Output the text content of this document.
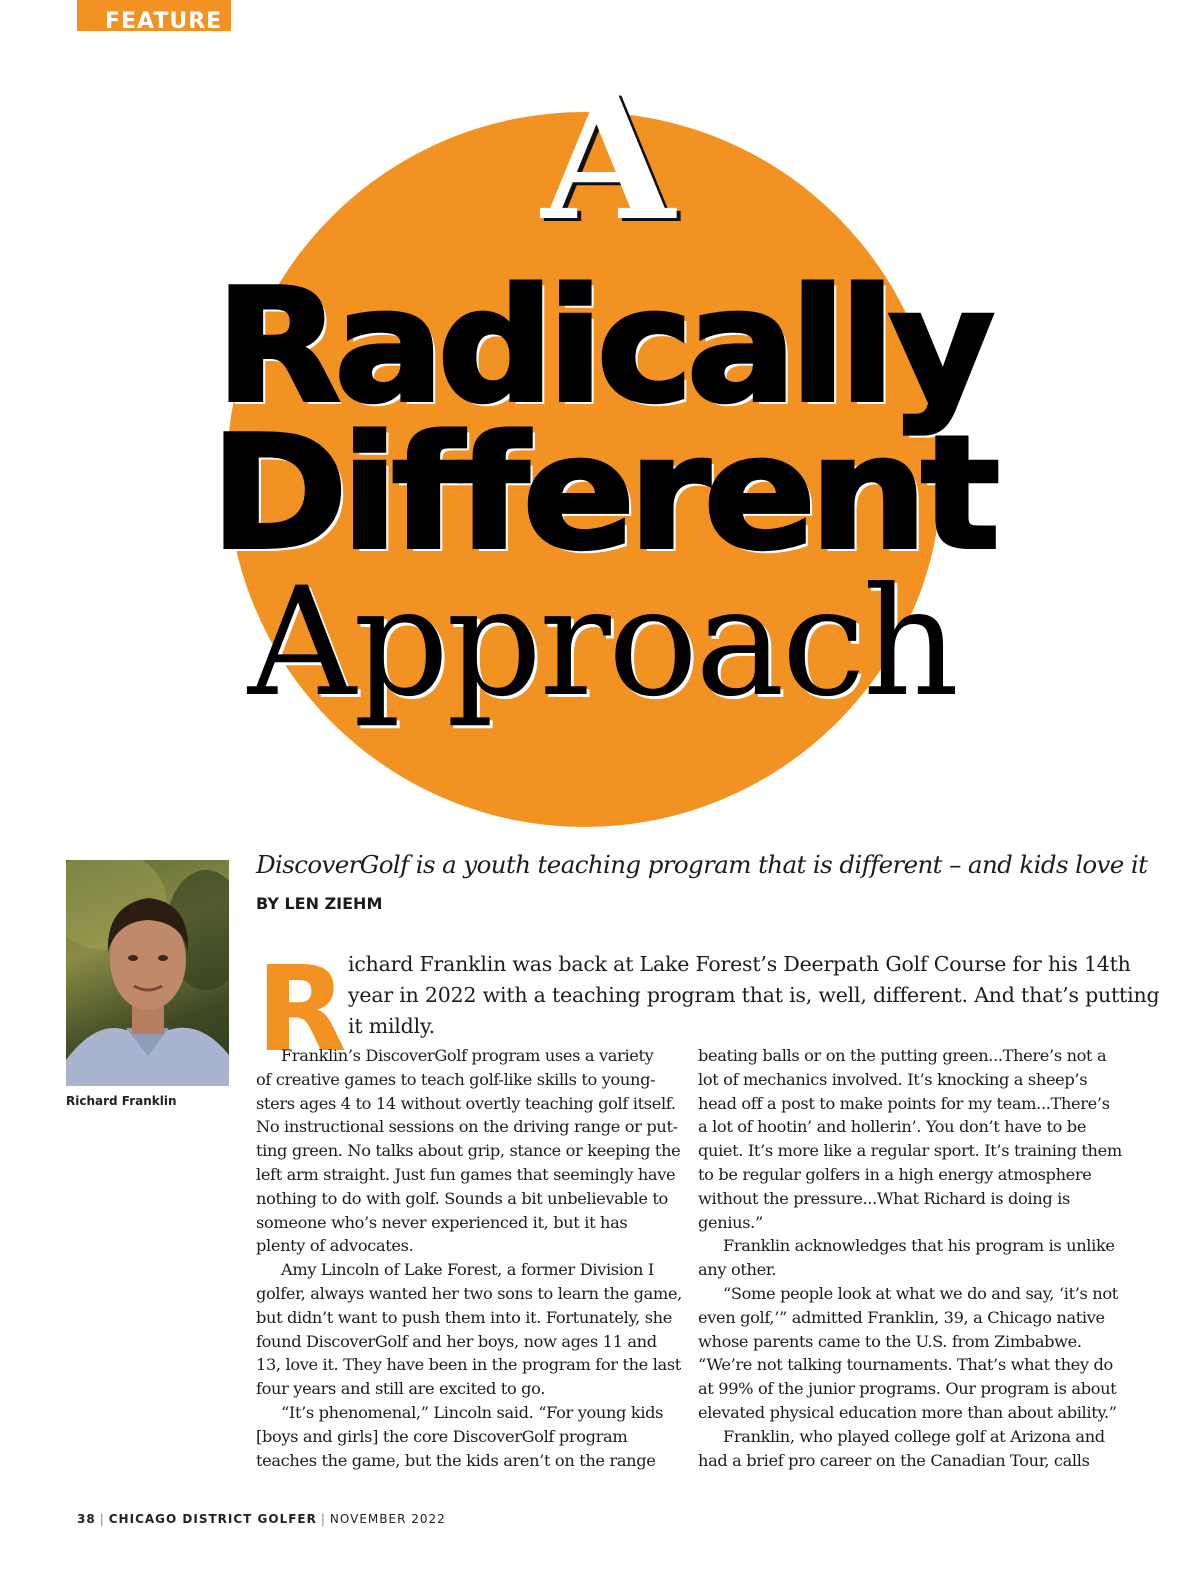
FEATURE
A
Radically
Different
Approach
Richard Franklin
DiscoverGolf is a youth teaching program that is different – and kids love it
BY LEN ZIEHM
R ichard Franklin was back at Lake Forest’s Deerpath Golf Course for his 14th
year in 2022 with a teaching program that is, well, different. And that’s putting
it mildly.
Franklin’s DiscoverGolf program uses a variety
of creative games to teach golf-like skills to young-
sters ages 4 to 14 without overtly teaching golf itself.
No instructional sessions on the driving range or put-
ting green. No talks about grip, stance or keeping the
left arm straight. Just fun games that seemingly have
nothing to do with golf. Sounds a bit unbelievable to
someone who’s never experienced it, but it has
plenty of advocates.
Amy Lincoln of Lake Forest, a former Division I
golfer, always wanted her two sons to learn the game,
but didn’t want to push them into it. Fortunately, she
found DiscoverGolf and her boys, now ages 11 and
13, love it. They have been in the program for the last
four years and still are excited to go.
“It’s phenomenal,” Lincoln said. “For young kids
[boys and girls] the core DiscoverGolf program
teaches the game, but the kids aren’t on the range
beating balls or on the putting green...There’s not a
lot of mechanics involved. It’s knocking a sheep’s
head off a post to make points for my team...There’s
a lot of hootin’ and hollerin’. You don’t have to be
quiet. It’s more like a regular sport. It’s training them
to be regular golfers in a high energy atmosphere
without the pressure...What Richard is doing is
genius.”
Franklin acknowledges that his program is unlike
any other.
“Some people look at what we do and say, ‘it’s not
even golf,’” admitted Franklin, 39, a Chicago native
whose parents came to the U.S. from Zimbabwe.
“We’re not talking tournaments. That’s what they do
at 99% of the junior programs. Our program is about
elevated physical education more than about ability.”
Franklin, who played college golf at Arizona and
had a brief pro career on the Canadian Tour, calls
38 | CHICAGO DISTRICT GOLFER | NOVEMBER 2022
